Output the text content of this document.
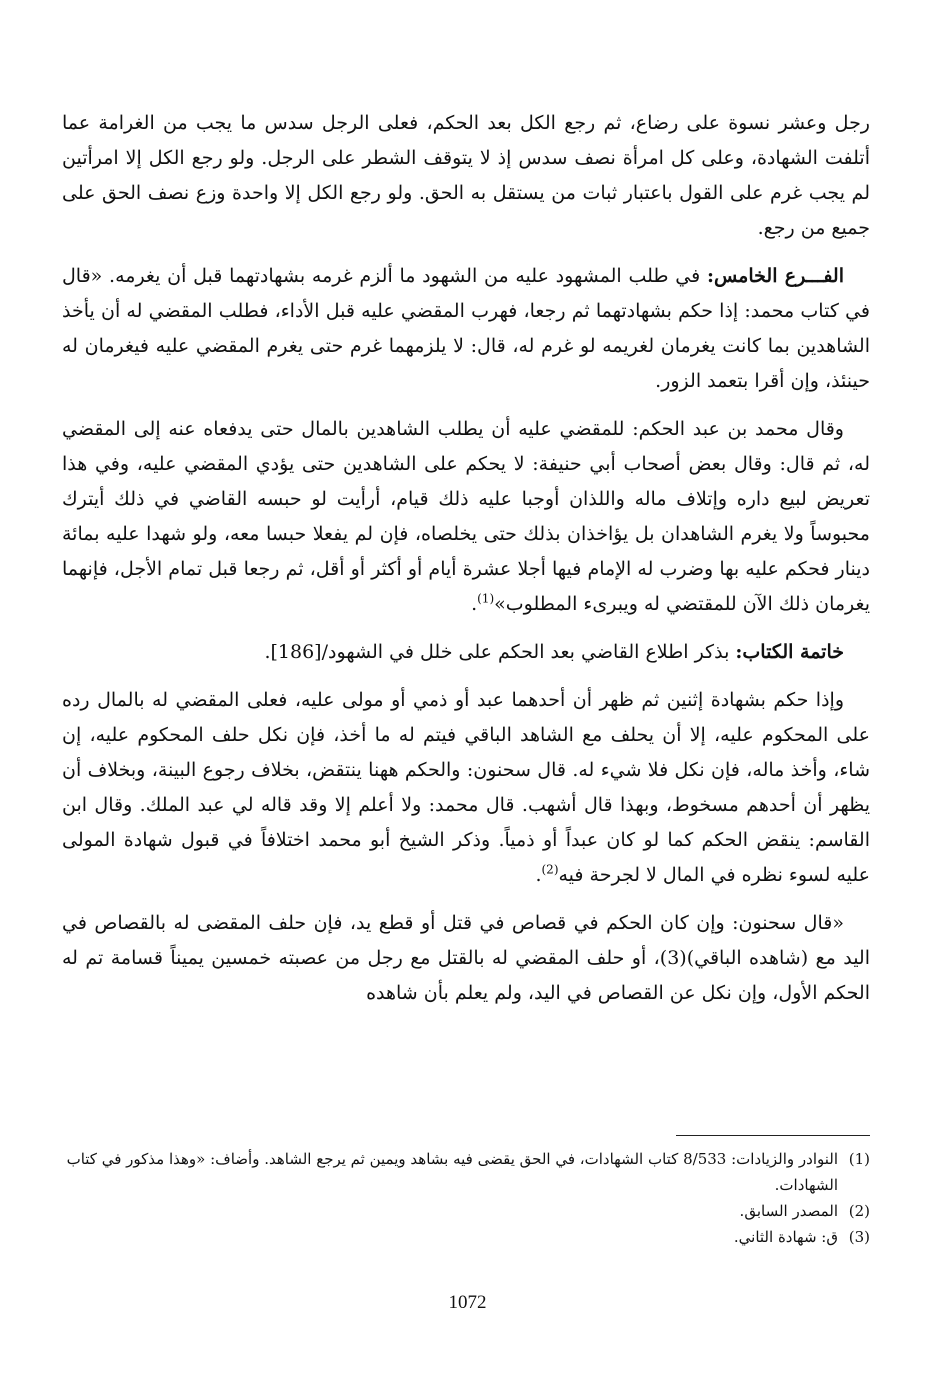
رجل وعشر نسوة على رضاع، ثم رجع الكل بعد الحكم، فعلى الرجل سدس ما يجب من الغرامة عما أتلفت الشهادة، وعلى كل امرأة نصف سدس إذ لا يتوقف الشطر على الرجل. ولو رجع الكل إلا امرأتين لم يجب غرم على القول باعتبار ثبات من يستقل به الحق. ولو رجع الكل إلا واحدة وزع نصف الحق على جميع من رجع.

الفـــرع الخامس: في طلب المشهود عليه من الشهود ما ألزم غرمه بشهادتهما قبل أن يغرمه. «قال في كتاب محمد: إذا حكم بشهادتهما ثم رجعا، فهرب المقضي عليه قبل الأداء، فطلب المقضي له أن يأخذ الشاهدين بما كانت يغرمان لغريمه لو غرم له، قال: لا يلزمهما غرم حتى يغرم المقضي عليه فيغرمان له حينئذ، وإن أقرا بتعمد الزور.

وقال محمد بن عبد الحكم: للمقضي عليه أن يطلب الشاهدين بالمال حتى يدفعاه عنه إلى المقضي له، ثم قال: وقال بعض أصحاب أبي حنيفة: لا يحكم على الشاهدين حتى يؤدي المقضي عليه، وفي هذا تعريض لبيع داره وإتلاف ماله واللذان أوجبا عليه ذلك قيام، أرأيت لو حبسه القاضي في ذلك أيترك محبوساً ولا يغرم الشاهدان بل يؤاخذان بذلك حتى يخلصاه، فإن لم يفعلا حبسا معه، ولو شهدا عليه بمائة دينار فحكم عليه بها وضرب له الإمام فيها أجلا عشرة أيام أو أكثر أو أقل، ثم رجعا قبل تمام الأجل، فإنهما يغرمان ذلك الآن للمقتضي له ويبرىء المطلوب»$^{(1)}$.

خاتمة الكتاب: بذكر اطلاع القاضي بعد الحكم على خلل في الشهود/[186].

وإذا حكم بشهادة إثنين ثم ظهر أن أحدهما عبد أو ذمي أو مولى عليه، فعلى المقضي له بالمال رده على المحكوم عليه، إلا أن يحلف مع الشاهد الباقي فيتم له ما أخذ، فإن نكل حلف المحكوم عليه، إن شاء، وأخذ ماله، فإن نكل فلا شيء له. قال سحنون: والحكم ههنا ينتقض، بخلاف رجوع البينة، وبخلاف أن يظهر أن أحدهم مسخوط، وبهذا قال أشهب. قال محمد: ولا أعلم إلا وقد قاله لي عبد الملك. وقال ابن القاسم: ينقض الحكم كما لو كان عبداً أو ذمياً. وذكر الشيخ أبو محمد اختلافاً في قبول شهادة المولى عليه لسوء نظره في المال لا لجرحة فيه$^{(2)}$.

«قال سحنون: وإن كان الحكم في قصاص في قتل أو قطع يد، فإن حلف المقضى له بالقصاص في اليد مع (شاهده الباقي)(3)، أو حلف المقضي له بالقتل مع رجل من عصبته خمسين يميناً قسامة تم له الحكم الأول، وإن نكل عن القصاص في اليد، ولم يعلم بأن شاهده

(1)
النوادر والزيادات: 8/533 كتاب الشهادات، في الحق يقضى فيه بشاهد ويمين ثم يرجع الشاهد. وأضاف: «وهذا مذكور في كتاب الشهادات.
(2)
المصدر السابق.
(3)
ق: شهادة الثاني.
1072
